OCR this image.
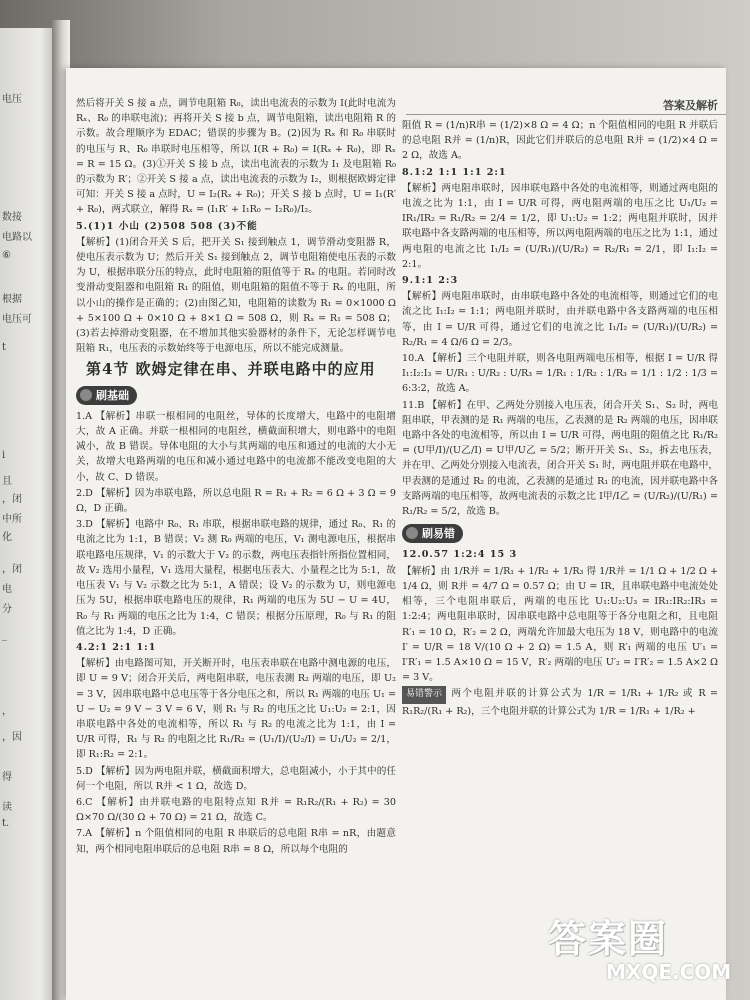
电压
数接
电路以
⑥
根据
电压可
t
i
且
，闭
中所
化
，闭
电
分
_
，
，因
得
读
t.
答案及解析

然后将开关 S 接 a 点，调节电阻箱 R₀，读出电流表的示数为 I(此时电流为 Rₓ、R₀ 的串联电流)；再将开关 S 接 b 点，调节电阻箱，读出电阻箱 R 的示数。故合理顺序为 EDAC；错误的步骤为 B。(2)因为 Rₓ 和 R₀ 串联时的电压与 R、R₀ 串联时电压相等，所以 I(R + R₀) = I(Rₓ + R₀)，即 Rₓ = R = 15 Ω。(3)①开关 S 接 b 点，读出电流表的示数为 I₁ 及电阻箱 R₀ 的示数为 R′；②开关 S 接 a 点，读出电流表的示数为 I₂，则根据欧姆定律可知：开关 S 接 a 点时，U = I₂(Rₓ + R₀)；开关 S 接 b 点时，U = I₁(R′ + R₀)，两式联立，解得 Rₓ = (I₁R′ + I₁R₀ − I₂R₀)/I₂。

5.(1)1 小山 (2)508 508 (3)不能

【解析】(1)闭合开关 S 后，把开关 S₁ 接到触点 1，调节滑动变阻器 R，使电压表示数为 U；然后开关 S₁ 接到触点 2，调节电阻箱使电压表的示数为 U，根据串联分压的特点，此时电阻箱的阻值等于 Rₓ 的电阻。若同时改变滑动变阻器和电阻箱 R₁ 的阻值，则电阻箱的阻值不等于 Rₓ 的电阻，所以小山的操作是正确的；(2)由图乙知，电阻箱的读数为 R₁ = 0×1000 Ω + 5×100 Ω + 0×10 Ω + 8×1 Ω = 508 Ω，则 Rₓ = R₁ = 508 Ω；(3)若去掉滑动变阻器，在不增加其他实验器材的条件下，无论怎样调节电阻箱 R₁，电压表的示数始终等于电源电压，所以不能完成测量。

第4节 欧姆定律在串、并联电路中的应用
刷基础

1.A 【解析】串联一根相同的电阻丝，导体的长度增大，电路中的电阻增大，故 A 正确。并联一根相同的电阻丝，横截面积增大，则电路中的电阻减小，故 B 错误。导体电阻的大小与其两端的电压和通过的电流的大小无关，故增大电路两端的电压和减小通过电路中的电流都不能改变电阻的大小，故 C、D 错误。

2.D 【解析】因为串联电路，所以总电阻 R = R₁ + R₂ = 6 Ω + 3 Ω = 9 Ω，D 正确。

3.D 【解析】电路中 R₀、R₁ 串联，根据串联电路的规律，通过 R₀、R₁ 的电流之比为 1:1，B 错误；V₂ 测 R₀ 两端的电压，V₁ 测电源电压，根据串联电路电压规律，V₁ 的示数大于 V₂ 的示数，两电压表指针所指位置相同，故 V₂ 选用小量程，V₁ 选用大量程，根据电压表大、小量程之比为 5:1，故电压表 V₁ 与 V₂ 示数之比为 5:1，A 错误；设 V₂ 的示数为 U，则电源电压为 5U，根据串联电路电压的规律，R₁ 两端的电压为 5U − U = 4U，R₀ 与 R₁ 两端的电压之比为 1:4，C 错误；根据分压原理，R₀ 与 R₁ 的阻值之比为 1:4，D 正确。

4.2:1 2:1 1:1

【解析】由电路图可知，开关断开时，电压表串联在电路中测电源的电压，即 U = 9 V；闭合开关后，两电阻串联，电压表测 R₂ 两端的电压，即 U₂ = 3 V，因串联电路中总电压等于各分电压之和，所以 R₁ 两端的电压 U₁ = U − U₂ = 9 V − 3 V = 6 V，则 R₁ 与 R₂ 的电压之比 U₁:U₂ = 2:1，因串联电路中各处的电流相等，所以 R₁ 与 R₂ 的电流之比为 1:1，由 I = U/R 可得，R₁ 与 R₂ 的电阻之比 R₁/R₂ = (U₁/I)/(U₂/I) = U₁/U₂ = 2/1，即 R₁:R₂ = 2:1。

5.D 【解析】因为两电阻并联，横截面积增大，总电阻减小，小于其中的任何一个电阻，所以 R并 < 1 Ω，故选 D。

6.C 【解析】由并联电路的电阻特点知 R并 = R₁R₂/(R₁ + R₂) = 30 Ω×70 Ω/(30 Ω + 70 Ω) = 21 Ω，故选 C。

7.A 【解析】n 个阻值相同的电阻 R 串联后的总电阻 R串 = nR，由题意知，两个相同电阻串联后的总电阻 R串 = 8 Ω，所以每个电阻的

阻值 R = (1/n)R串 = (1/2)×8 Ω = 4 Ω；n 个阻值相同的电阻 R 并联后的总电阻 R并 = (1/n)R，因此它们并联后的总电阻 R并 = (1/2)×4 Ω = 2 Ω，故选 A。

8.1:2 1:1 1:1 2:1

【解析】两电阻串联时，因串联电路中各处的电流相等，则通过两电阻的电流之比为 1:1，由 I = U/R 可得，两电阻两端的电压之比 U₁/U₂ = IR₁/IR₂ = R₁/R₂ = 2/4 = 1/2，即 U₁:U₂ = 1:2；两电阻并联时，因并联电路中各支路两端的电压相等，所以两电阻两端的电压之比为 1:1，通过两电阻的电流之比 I₁/I₂ = (U/R₁)/(U/R₂) = R₂/R₁ = 2/1，即 I₁:I₂ = 2:1。

9.1:1 2:3

【解析】两电阻串联时，由串联电路中各处的电流相等，则通过它们的电流之比 I₁:I₂ = 1:1；两电阻并联时，由并联电路中各支路两端的电压相等，由 I = U/R 可得，通过它们的电流之比 I₁/I₂ = (U/R₁)/(U/R₂) = R₂/R₁ = 4 Ω/6 Ω = 2/3。

10.A 【解析】三个电阻并联，则各电阻两端电压相等，根据 I = U/R 得 I₁:I₂:I₃ = U/R₁ : U/R₂ : U/R₃ = 1/R₁ : 1/R₂ : 1/R₃ = 1/1 : 1/2 : 1/3 = 6:3:2，故选 A。

11.B 【解析】在甲、乙两处分别接入电压表，闭合开关 S₁、S₂ 时，两电阻串联，甲表测的是 R₁ 两端的电压，乙表测的是 R₂ 两端的电压，因串联电路中各处的电流相等，所以由 I = U/R 可得，两电阻的阻值之比 R₁/R₂ = (U甲/I)/(U乙/I) = U甲/U乙 = 5/2；断开开关 S₁、S₂，拆去电压表，并在甲、乙两处分别接入电流表，闭合开关 S₁ 时，两电阻并联在电路中，甲表测的是通过 R₂ 的电流，乙表测的是通过 R₁ 的电流，因并联电路中各支路两端的电压相等，故两电流表的示数之比 I甲/I乙 = (U/R₂)/(U/R₁) = R₁/R₂ = 5/2，故选 B。

刷易错

12.0.57 1:2:4 15 3

【解析】由 1/R并 = 1/R₁ + 1/R₂ + 1/R₃ 得 1/R并 = 1/1 Ω + 1/2 Ω + 1/4 Ω，则 R并 = 4/7 Ω = 0.57 Ω；由 U = IR，且串联电路中电流处处相等，三个电阻串联后，两端的电压比 U₁:U₂:U₃ = IR₁:IR₂:IR₃ = 1:2:4；两电阻串联时，因串联电路中总电阻等于各分电阻之和，且电阻 R′₁ = 10 Ω，R′₂ = 2 Ω，两端允许加最大电压为 18 V，则电路中的电流 I′ = U/R = 18 V/(10 Ω + 2 Ω) = 1.5 A，则 R′₁ 两端的电压 U′₁ = I′R′₁ = 1.5 A×10 Ω = 15 V，R′₂ 两端的电压 U′₂ = I′R′₂ = 1.5 A×2 Ω = 3 V。

易错警示 两个电阻并联的计算公式为 1/R = 1/R₁ + 1/R₂ 或 R = R₁R₂/(R₁ + R₂)，三个电阻并联的计算公式为 1/R = 1/R₁ + 1/R₂ +

答案圈
MXQE.COM
